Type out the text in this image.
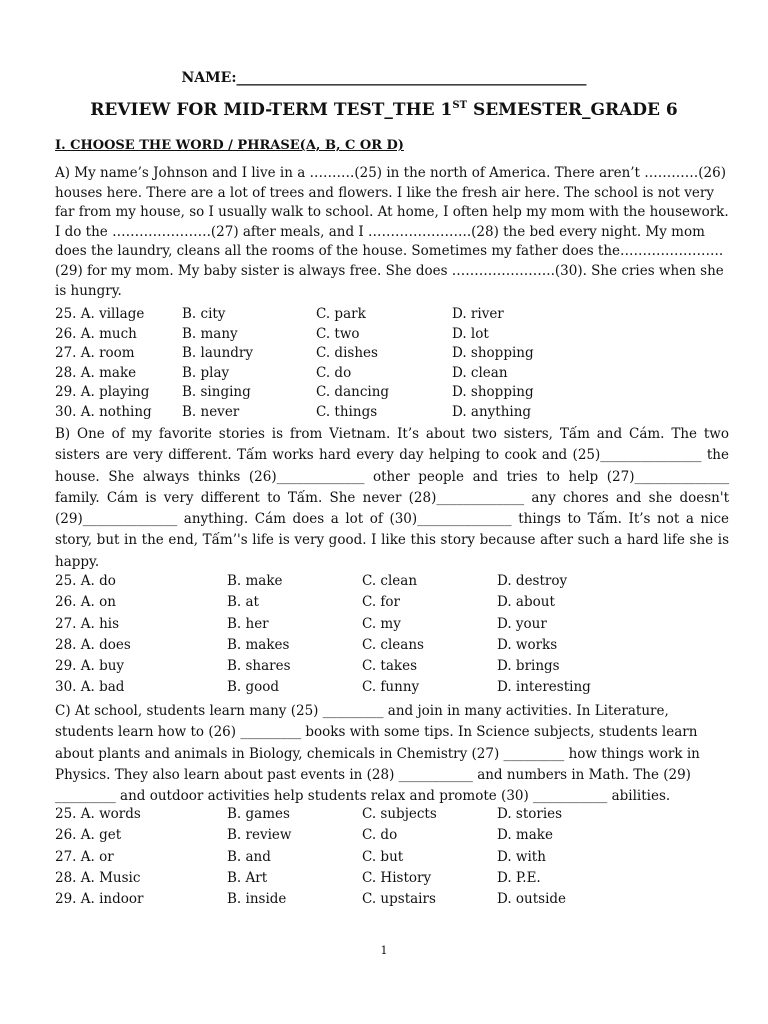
NAME:__________________________________________________
REVIEW FOR MID-TERM TEST_THE 1ST SEMESTER_GRADE 6
I. CHOOSE THE WORD / PHRASE(A, B, C OR D)
A) My name’s Johnson and I live in a ……….(25) in the north of America. There aren’t …………(26) houses here. There are a lot of trees and flowers. I like the fresh air here. The school is not very far from my house, so I usually walk to school. At home, I often help my mom with the housework. I do the ………………….(27) after meals, and I …………………..(28) the bed every night. My mom does the laundry, cleans all the rooms of the house. Sometimes my father does the…………………..(29) for my mom. My baby sister is always free. She does …………………..(30). She cries when she is hungry.
25. A. village	B. city	C. park	D. river
26. A. much	B. many	C. two	D. lot
27. A. room	B. laundry	C. dishes	D. shopping
28. A. make	B. play	C. do	D. clean
29. A. playing B. singing	C. dancing	D. shopping
30. A. nothing B. never	C. things	D. anything
B) One of my favorite stories is from Vietnam. It’s about two sisters, Tấm and Cám. The two sisters are very different. Tấm works hard every day helping to cook and (25)_______________ the house. She always thinks (26)_____________ other people and tries to help (27)______________ family. Cám is very different to Tấm. She never (28)_____________ any chores and she doesn't (29)______________ anything. Cám does a lot of (30)______________ things to Tấm. It’s not a nice story, but in the end, Tấm’'s life is very good. I like this story because after such a hard life she is happy.
25. A. do	B. make	C. clean	D. destroy
26. A. on	B. at	C. for	D. about
27. A. his	B. her	C. my	D. your
28. A. does	B. makes	C. cleans	D. works
29. A. buy	B. shares	C. takes	D. brings
30. A. bad	B. good	C. funny	D. interesting
C) At school, students learn many (25) _________ and join in many activities. In Literature, students learn how to (26) _________ books with some tips. In Science subjects, students learn about plants and animals in Biology, chemicals in Chemistry (27) _________ how things work in Physics. They also learn about past events in (28) ___________ and numbers in Math. The (29) _________ and outdoor activities help students relax and promote (30) ___________ abilities.
25. A. words	B. games	C. subjects	D. stories
26. A. get	B. review	C. do	D. make
27. A. or	B. and	C. but	D. with
28. A. Music	B. Art	C. History	D. P.E.
29. A. indoor	B. inside	C. upstairs	D. outside
1
